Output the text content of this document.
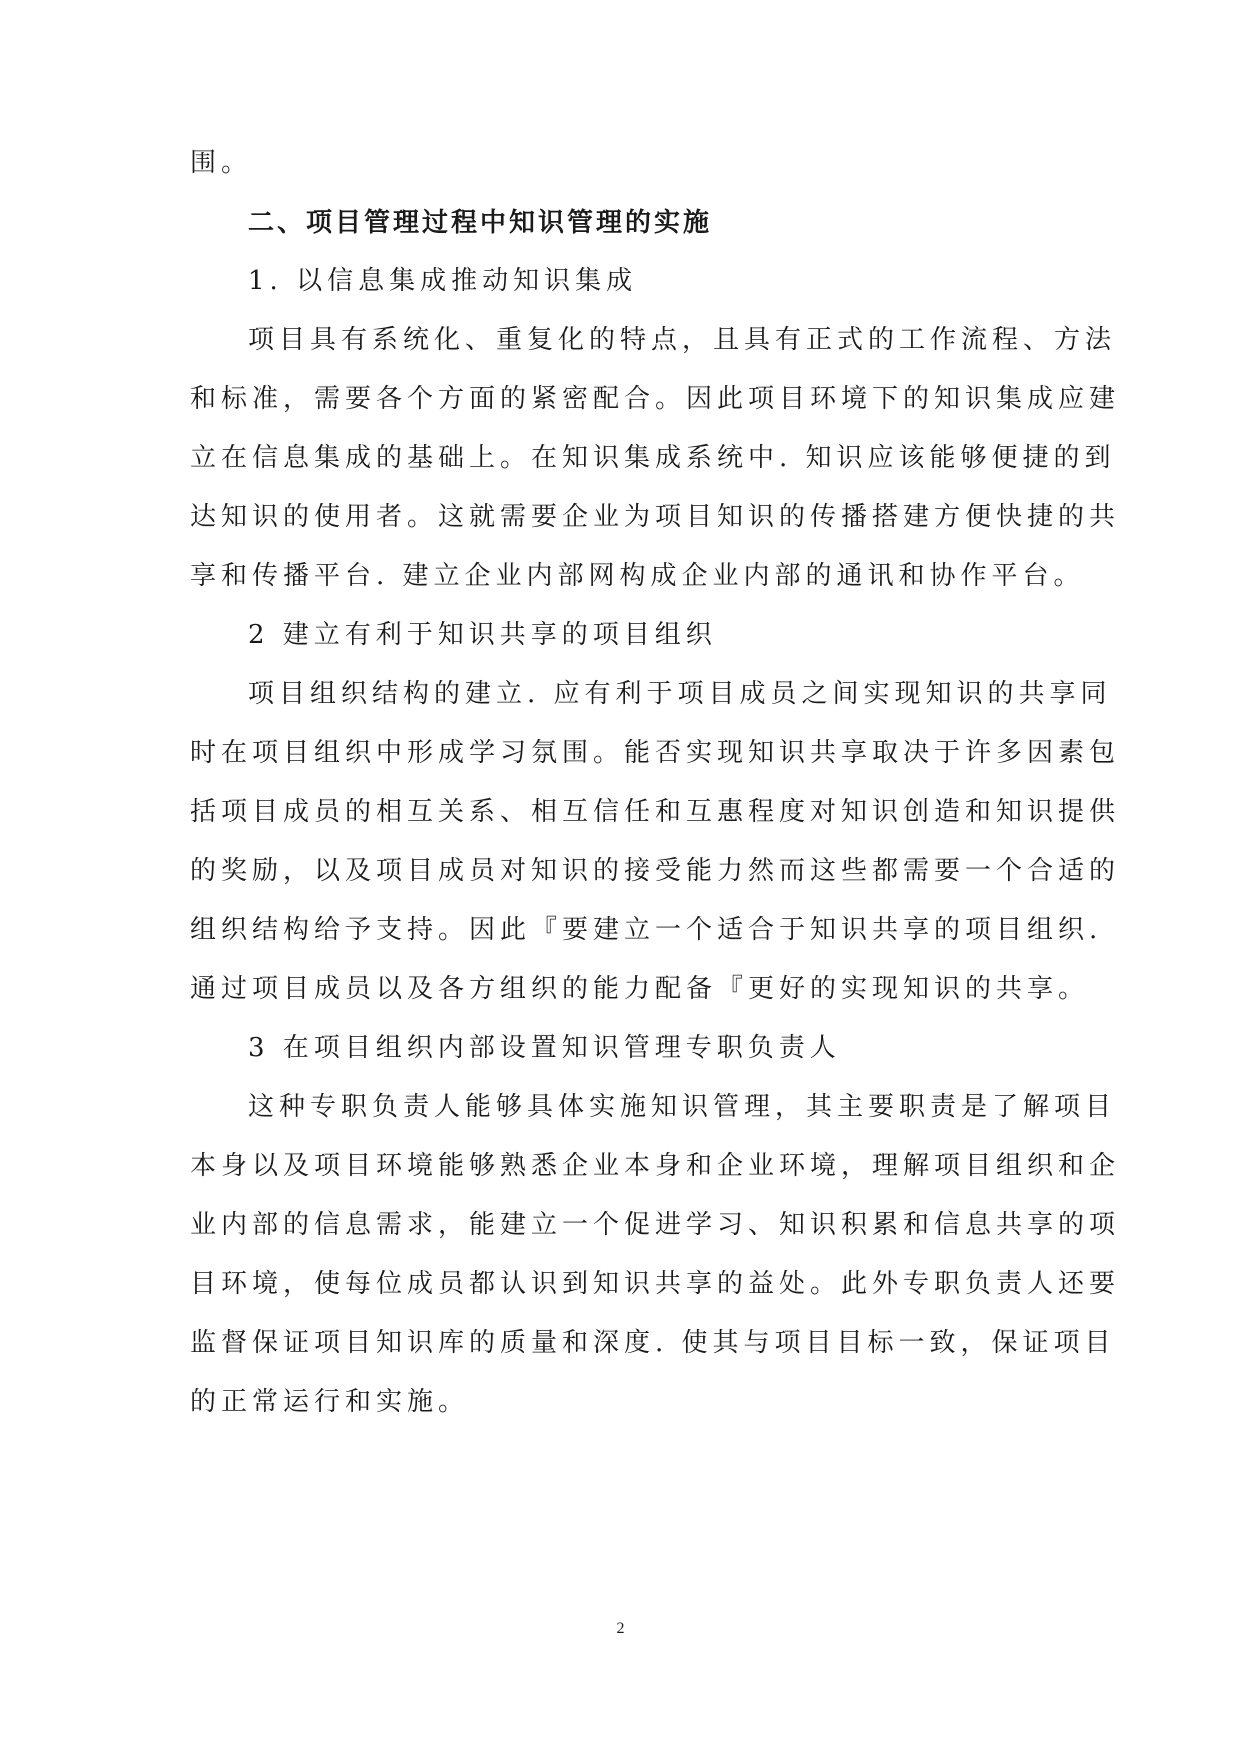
围。
二、项目管理过程中知识管理的实施
1. 以信息集成推动知识集成
项目具有系统化、重复化的特点，且具有正式的工作流程、方法
和标准，需要各个方面的紧密配合。因此项目环境下的知识集成应建
立在信息集成的基础上。在知识集成系统中. 知识应该能够便捷的到
达知识的使用者。这就需要企业为项目知识的传播搭建方便快捷的共
享和传播平台. 建立企业内部网构成企业内部的通讯和协作平台。
2 建立有利于知识共享的项目组织
项目组织结构的建立. 应有利于项目成员之间实现知识的共享同
时在项目组织中形成学习氛围。能否实现知识共享取决于许多因素包
括项目成员的相互关系、相互信任和互惠程度对知识创造和知识提供
的奖励，以及项目成员对知识的接受能力然而这些都需要一个合适的
组织结构给予支持。因此『要建立一个适合于知识共享的项目组织.
通过项目成员以及各方组织的能力配备『更好的实现知识的共享。
3 在项目组织内部设置知识管理专职负责人
这种专职负责人能够具体实施知识管理，其主要职责是了解项目
本身以及项目环境能够熟悉企业本身和企业环境，理解项目组织和企
业内部的信息需求，能建立一个促进学习、知识积累和信息共享的项
目环境，使每位成员都认识到知识共享的益处。此外专职负责人还要
监督保证项目知识库的质量和深度. 使其与项目目标一致，保证项目
的正常运行和实施。
2
